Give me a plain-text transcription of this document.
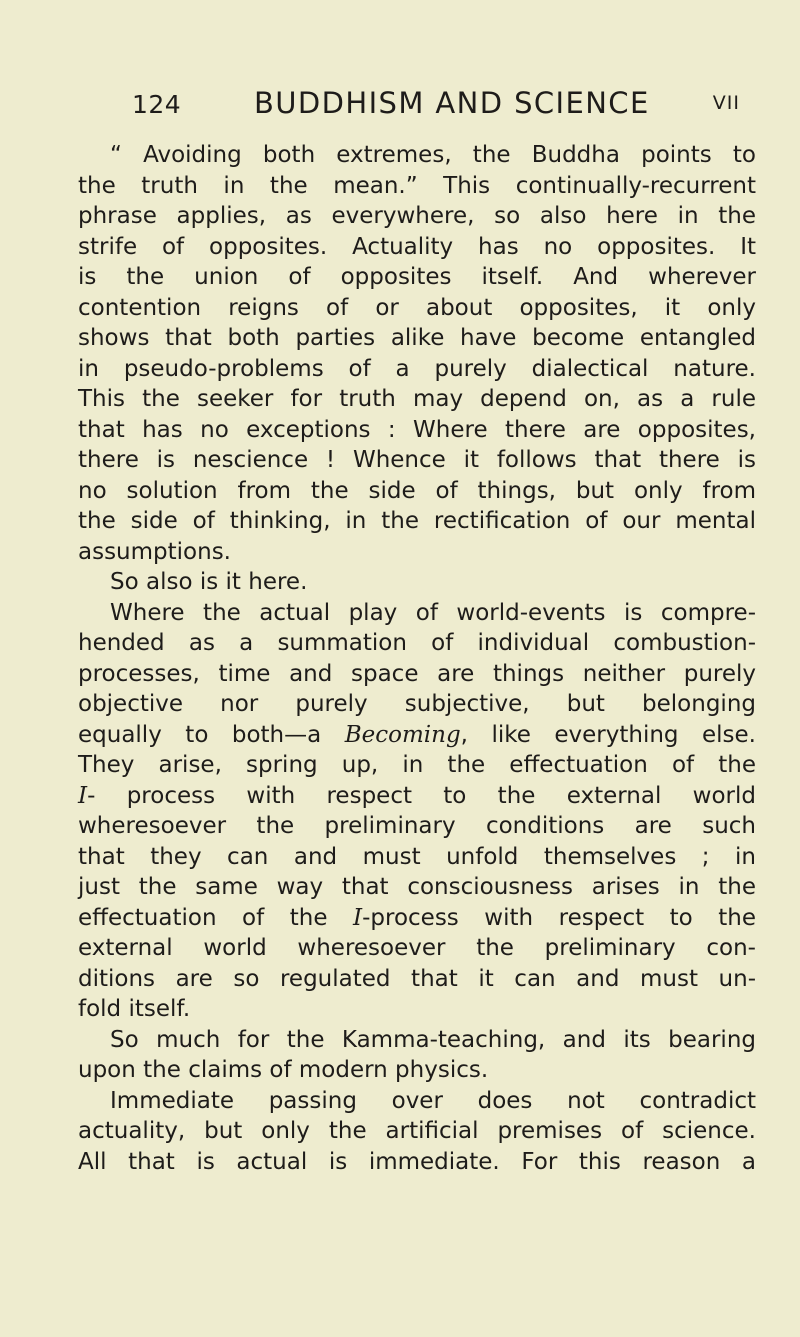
124	BUDDHISM AND SCIENCE	VII
“ Avoiding both extremes, the Buddha points to
the truth in the mean.” This continually-recurrent
phrase applies, as everywhere, so also here in the
strife of opposites. Actuality has no opposites. It
is the union of opposites itself. And wherever
contention reigns of or about opposites, it only
shows that both parties alike have become entangled
in pseudo-problems of a purely dialectical nature.
This the seeker for truth may depend on, as a rule
that has no exceptions : Where there are opposites,
there is nescience ! Whence it follows that there is
no solution from the side of things, but only from
the side of thinking, in the rectification of our mental
assumptions.
So also is it here.
Where the actual play of world-events is compre-
hended as a summation of individual combustion-
processes, time and space are things neither purely
objective nor purely subjective, but belonging
equally to both—a Becoming, like everything else.
They arise, spring up, in the effectuation of the
I- process with respect to the external world
wheresoever the preliminary conditions are such
that they can and must unfold themselves ; in
just the same way that consciousness arises in the
effectuation of the I-process with respect to the
external world wheresoever the preliminary con-
ditions are so regulated that it can and must un-
fold itself.
So much for the Kamma-teaching, and its bearing
upon the claims of modern physics.
Immediate passing over does not contradict
actuality, but only the artificial premises of science.
All that is actual is immediate. For this reason a
